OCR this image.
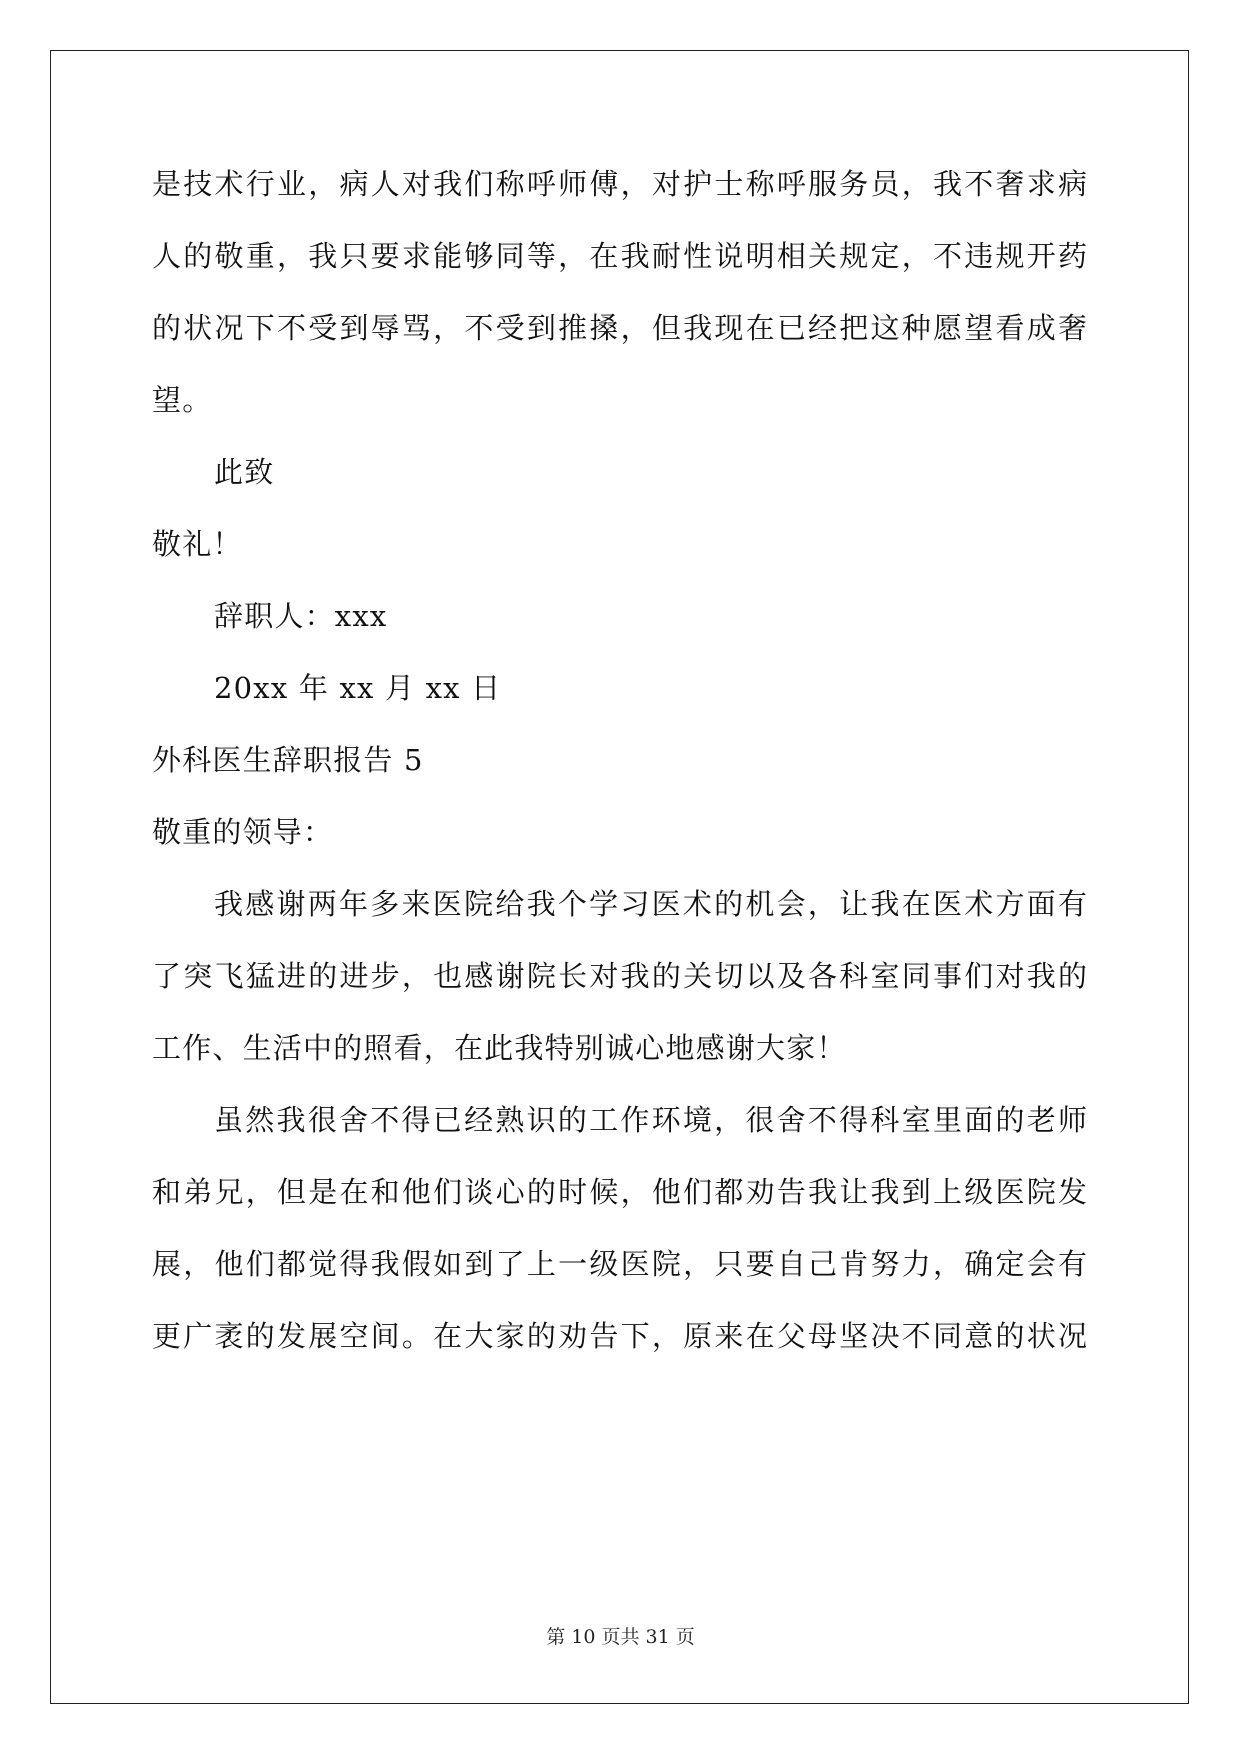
是技术行业，病人对我们称呼师傅，对护士称呼服务员，我不奢求病
人的敬重，我只要求能够同等，在我耐性说明相关规定，不违规开药
的状况下不受到辱骂，不受到推搡，但我现在已经把这种愿望看成奢
望。
此致
敬礼！
辞职人：xxx
20xx 年 xx 月 xx 日
外科医生辞职报告 5
敬重的领导：
我感谢两年多来医院给我个学习医术的机会，让我在医术方面有
了突飞猛进的进步，也感谢院长对我的关切以及各科室同事们对我的
工作、生活中的照看，在此我特别诚心地感谢大家！
虽然我很舍不得已经熟识的工作环境，很舍不得科室里面的老师
和弟兄，但是在和他们谈心的时候，他们都劝告我让我到上级医院发
展，他们都觉得我假如到了上一级医院，只要自己肯努力，确定会有
更广袤的发展空间。在大家的劝告下，原来在父母坚决不同意的状况
第 10 页共 31 页
